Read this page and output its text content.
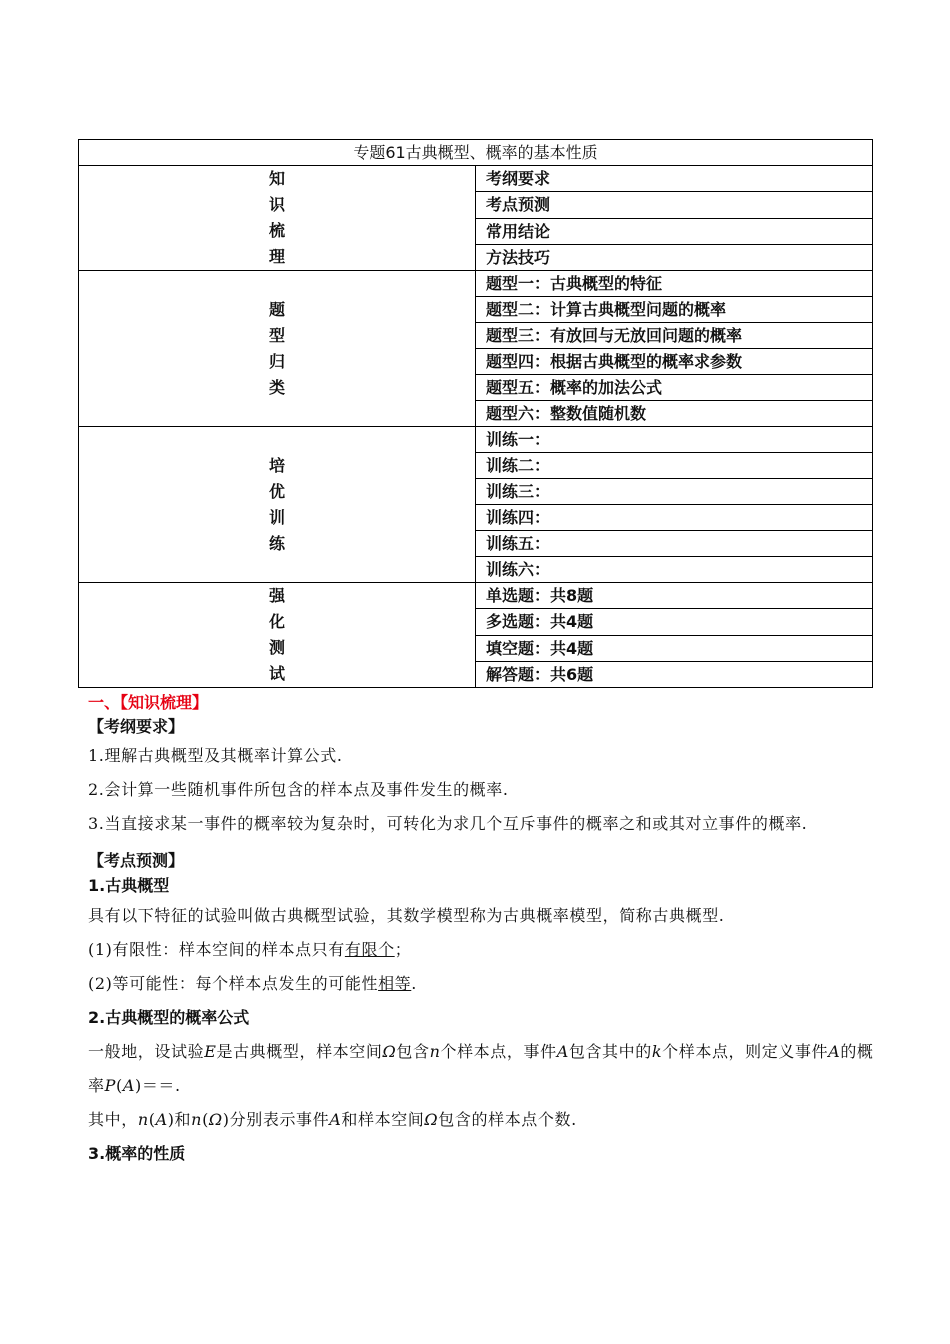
专题61古典概型、概率的基本性质	

知
识
梳
理	考纲要求
	考点预测
	常用结论
	方法技巧

题
型
归
类	题型一：古典概型的特征
	题型二：计算古典概型问题的概率
	题型三：有放回与无放回问题的概率
	题型四：根据古典概型的概率求参数
	题型五：概率的加法公式
	题型六：整数值随机数

培
优
训
练	训练一：
	训练二：
	训练三：
	训练四：
	训练五：
	训练六：

强
化
测
试	单选题：共8题
	多选题：共4题
	填空题：共4题
	解答题：共6题
一、【知识梳理】
【考纲要求】
1.理解古典概型及其概率计算公式.
2.会计算一些随机事件所包含的样本点及事件发生的概率.
3.当直接求某一事件的概率较为复杂时，可转化为求几个互斥事件的概率之和或其对立事件的概率.
【考点预测】
1.古典概型
具有以下特征的试验叫做古典概型试验，其数学模型称为古典概率模型，简称古典概型.
(1)有限性：样本空间的样本点只有有限个；
(2)等可能性：每个样本点发生的可能性相等.
2.古典概型的概率公式
一般地，设试验E是古典概型，样本空间Ω包含n个样本点，事件A包含其中的k个样本点，则定义事件A的概率P(A)＝＝.
其中，n(A)和n(Ω)分别表示事件A和样本空间Ω包含的样本点个数.
3.概率的性质
